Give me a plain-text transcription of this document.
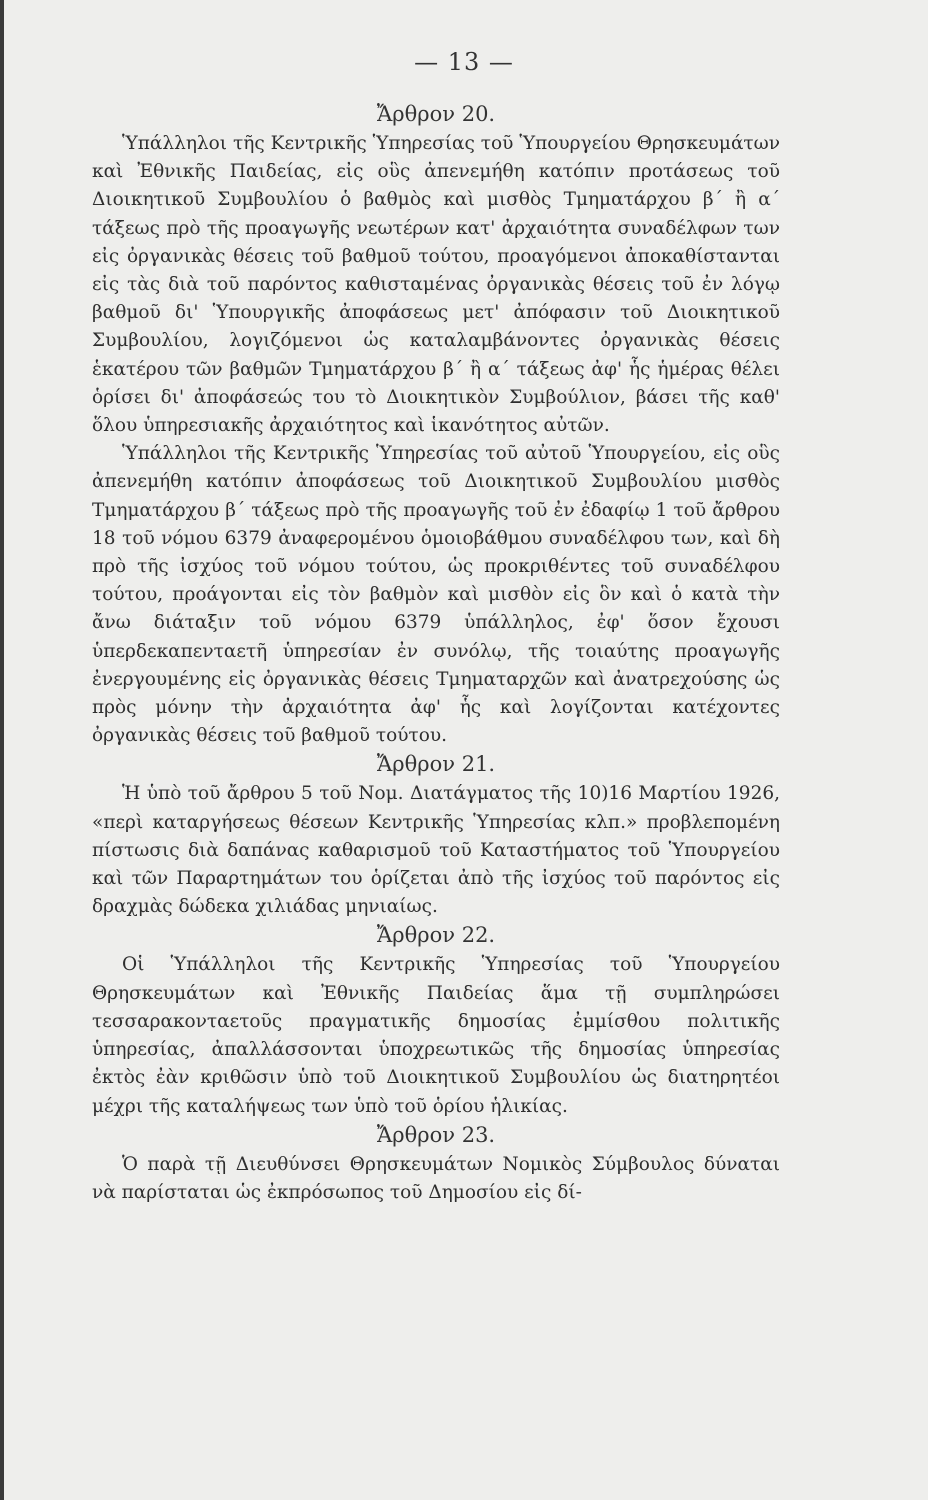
— 13 —
Ἄρθρον 20.

Ὑπάλληλοι τῆς Κεντρικῆς Ὑπηρεσίας τοῦ Ὑπουργείου Θρησκευμάτων καὶ Ἐθνικῆς Παιδείας, εἰς οὓς ἀπενεμήθη κατόπιν προτάσεως τοῦ Διοικητικοῦ Συμβουλίου ὁ βαθμὸς καὶ μισθὸς Τμηματάρχου β΄ ἢ α΄ τάξεως πρὸ τῆς προαγωγῆς νεωτέρων κατ' ἀρχαιότητα συναδέλφων των εἰς ὀργανικὰς θέσεις τοῦ βαθμοῦ τούτου, προαγόμενοι ἀποκαθίστανται εἰς τὰς διὰ τοῦ παρόντος καθισταμένας ὀργανικὰς θέσεις τοῦ ἐν λόγῳ βαθμοῦ δι' Ὑπουργικῆς ἀποφάσεως μετ' ἀπόφασιν τοῦ Διοικητικοῦ Συμβουλίου, λογιζόμενοι ὡς καταλαμβάνοντες ὀργανικὰς θέσεις ἑκατέρου τῶν βαθμῶν Τμηματάρχου β΄ ἢ α΄ τάξεως ἀφ' ἧς ἡμέρας θέλει ὁρίσει δι' ἀποφάσεώς του τὸ Διοικητικὸν Συμβούλιον, βάσει τῆς καθ' ὅλου ὑπηρεσιακῆς ἀρχαιότητος καὶ ἱκανότητος αὐτῶν.

Ὑπάλληλοι τῆς Κεντρικῆς Ὑπηρεσίας τοῦ αὐτοῦ Ὑπουργείου, εἰς οὓς ἀπενεμήθη κατόπιν ἀποφάσεως τοῦ Διοικητικοῦ Συμβουλίου μισθὸς Τμηματάρχου β΄ τάξεως πρὸ τῆς προαγωγῆς τοῦ ἐν ἐδαφίῳ 1 τοῦ ἄρθρου 18 τοῦ νόμου 6379 ἀναφερομένου ὁμοιοβάθμου συναδέλφου των, καὶ δὴ πρὸ τῆς ἰσχύος τοῦ νόμου τούτου, ὡς προκριθέντες τοῦ συναδέλφου τούτου, προάγονται εἰς τὸν βαθμὸν καὶ μισθὸν εἰς ὃν καὶ ὁ κατὰ τὴν ἄνω διάταξιν τοῦ νόμου 6379 ὑπάλληλος, ἐφ' ὅσον ἔχουσι ὑπερδεκαπενταετῆ ὑπηρεσίαν ἐν συνόλῳ, τῆς τοιαύτης προαγωγῆς ἐνεργουμένης εἰς ὀργανικὰς θέσεις Τμηματαρχῶν καὶ ἀνατρεχούσης ὡς πρὸς μόνην τὴν ἀρχαιότητα ἀφ' ἧς καὶ λογίζονται κατέχοντες ὀργανικὰς θέσεις τοῦ βαθμοῦ τούτου.

Ἄρθρον 21.

Ἡ ὑπὸ τοῦ ἄρθρου 5 τοῦ Νομ. Διατάγματος τῆς 10)16 Μαρτίου 1926, «περὶ καταργήσεως θέσεων Κεντρικῆς Ὑπηρεσίας κλπ.» προβλεπομένη πίστωσις διὰ δαπάνας καθαρισμοῦ τοῦ Καταστήματος τοῦ Ὑπουργείου καὶ τῶν Παραρτημάτων του ὁρίζεται ἀπὸ τῆς ἰσχύος τοῦ παρόντος εἰς δραχμὰς δώδεκα χιλιάδας μηνιαίως.

Ἄρθρον 22.

Οἱ Ὑπάλληλοι τῆς Κεντρικῆς Ὑπηρεσίας τοῦ Ὑπουργείου Θρησκευμάτων καὶ Ἐθνικῆς Παιδείας ἅμα τῇ συμπληρώσει τεσσαρακονταετοῦς πραγματικῆς δημοσίας ἐμμίσθου πολιτικῆς ὑπηρεσίας, ἀπαλλάσσονται ὑποχρεωτικῶς τῆς δημοσίας ὑπηρεσίας ἐκτὸς ἐὰν κριθῶσιν ὑπὸ τοῦ Διοικητικοῦ Συμβουλίου ὡς διατηρητέοι μέχρι τῆς καταλήψεως των ὑπὸ τοῦ ὁρίου ἡλικίας.

Ἄρθρον 23.

Ὁ παρὰ τῇ Διευθύνσει Θρησκευμάτων Νομικὸς Σύμβουλος δύναται νὰ παρίσταται ὡς ἐκπρόσωπος τοῦ Δημοσίου εἰς δί-
